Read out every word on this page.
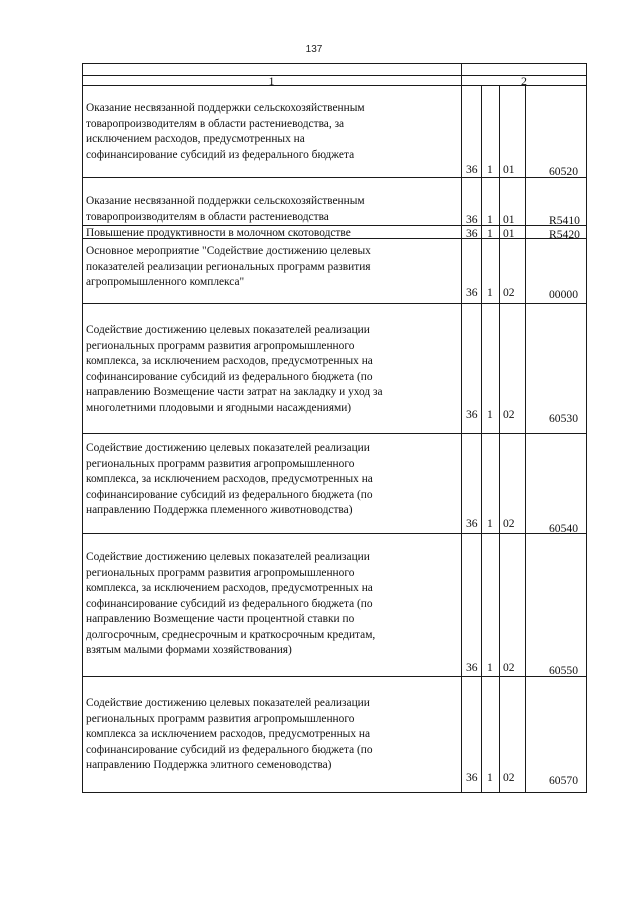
137
1	2
Оказание несвязанной поддержки сельскохозяйственным
товаропроизводителям в области растениеводства, за
исключением расходов, предусмотренных на
софинансирование субсидий из федерального бюджета
36 1 01	60520
Оказание несвязанной поддержки сельскохозяйственным
товаропроизводителям в области растениеводства	36 1 01	R5410
Повышение продуктивности в молочном скотоводстве	36 1 01	R5420
Основное мероприятие "Содействие достижению целевых
показателей реализации региональных программ развития
агропромышленного комплекса"
36 1 02	00000
Содействие достижению целевых показателей реализации
региональных программ развития агропромышленного
комплекса, за исключением расходов, предусмотренных на
софинансирование субсидий из федерального бюджета (по
направлению Возмещение части затрат на закладку и уход за
многолетними плодовыми и ягодными насаждениями)
36 1 02	60530
Содействие достижению целевых показателей реализации
региональных программ развития агропромышленного
комплекса, за исключением расходов, предусмотренных на
софинансирование субсидий из федерального бюджета (по
направлению Поддержка племенного животноводства)
36 1 02	60540
Содействие достижению целевых показателей реализации
региональных программ развития агропромышленного
комплекса, за исключением расходов, предусмотренных на
софинансирование субсидий из федерального бюджета (по
направлению Возмещение части процентной ставки по
долгосрочным, среднесрочным и краткосрочным кредитам,
взятым малыми формами хозяйствования)
36 1 02	60550
Содействие достижению целевых показателей реализации
региональных программ развития агропромышленного
комплекса за исключением расходов, предусмотренных на
софинансирование субсидий из федерального бюджета (по
направлению Поддержка элитного семеноводства)
36 1 02	60570
